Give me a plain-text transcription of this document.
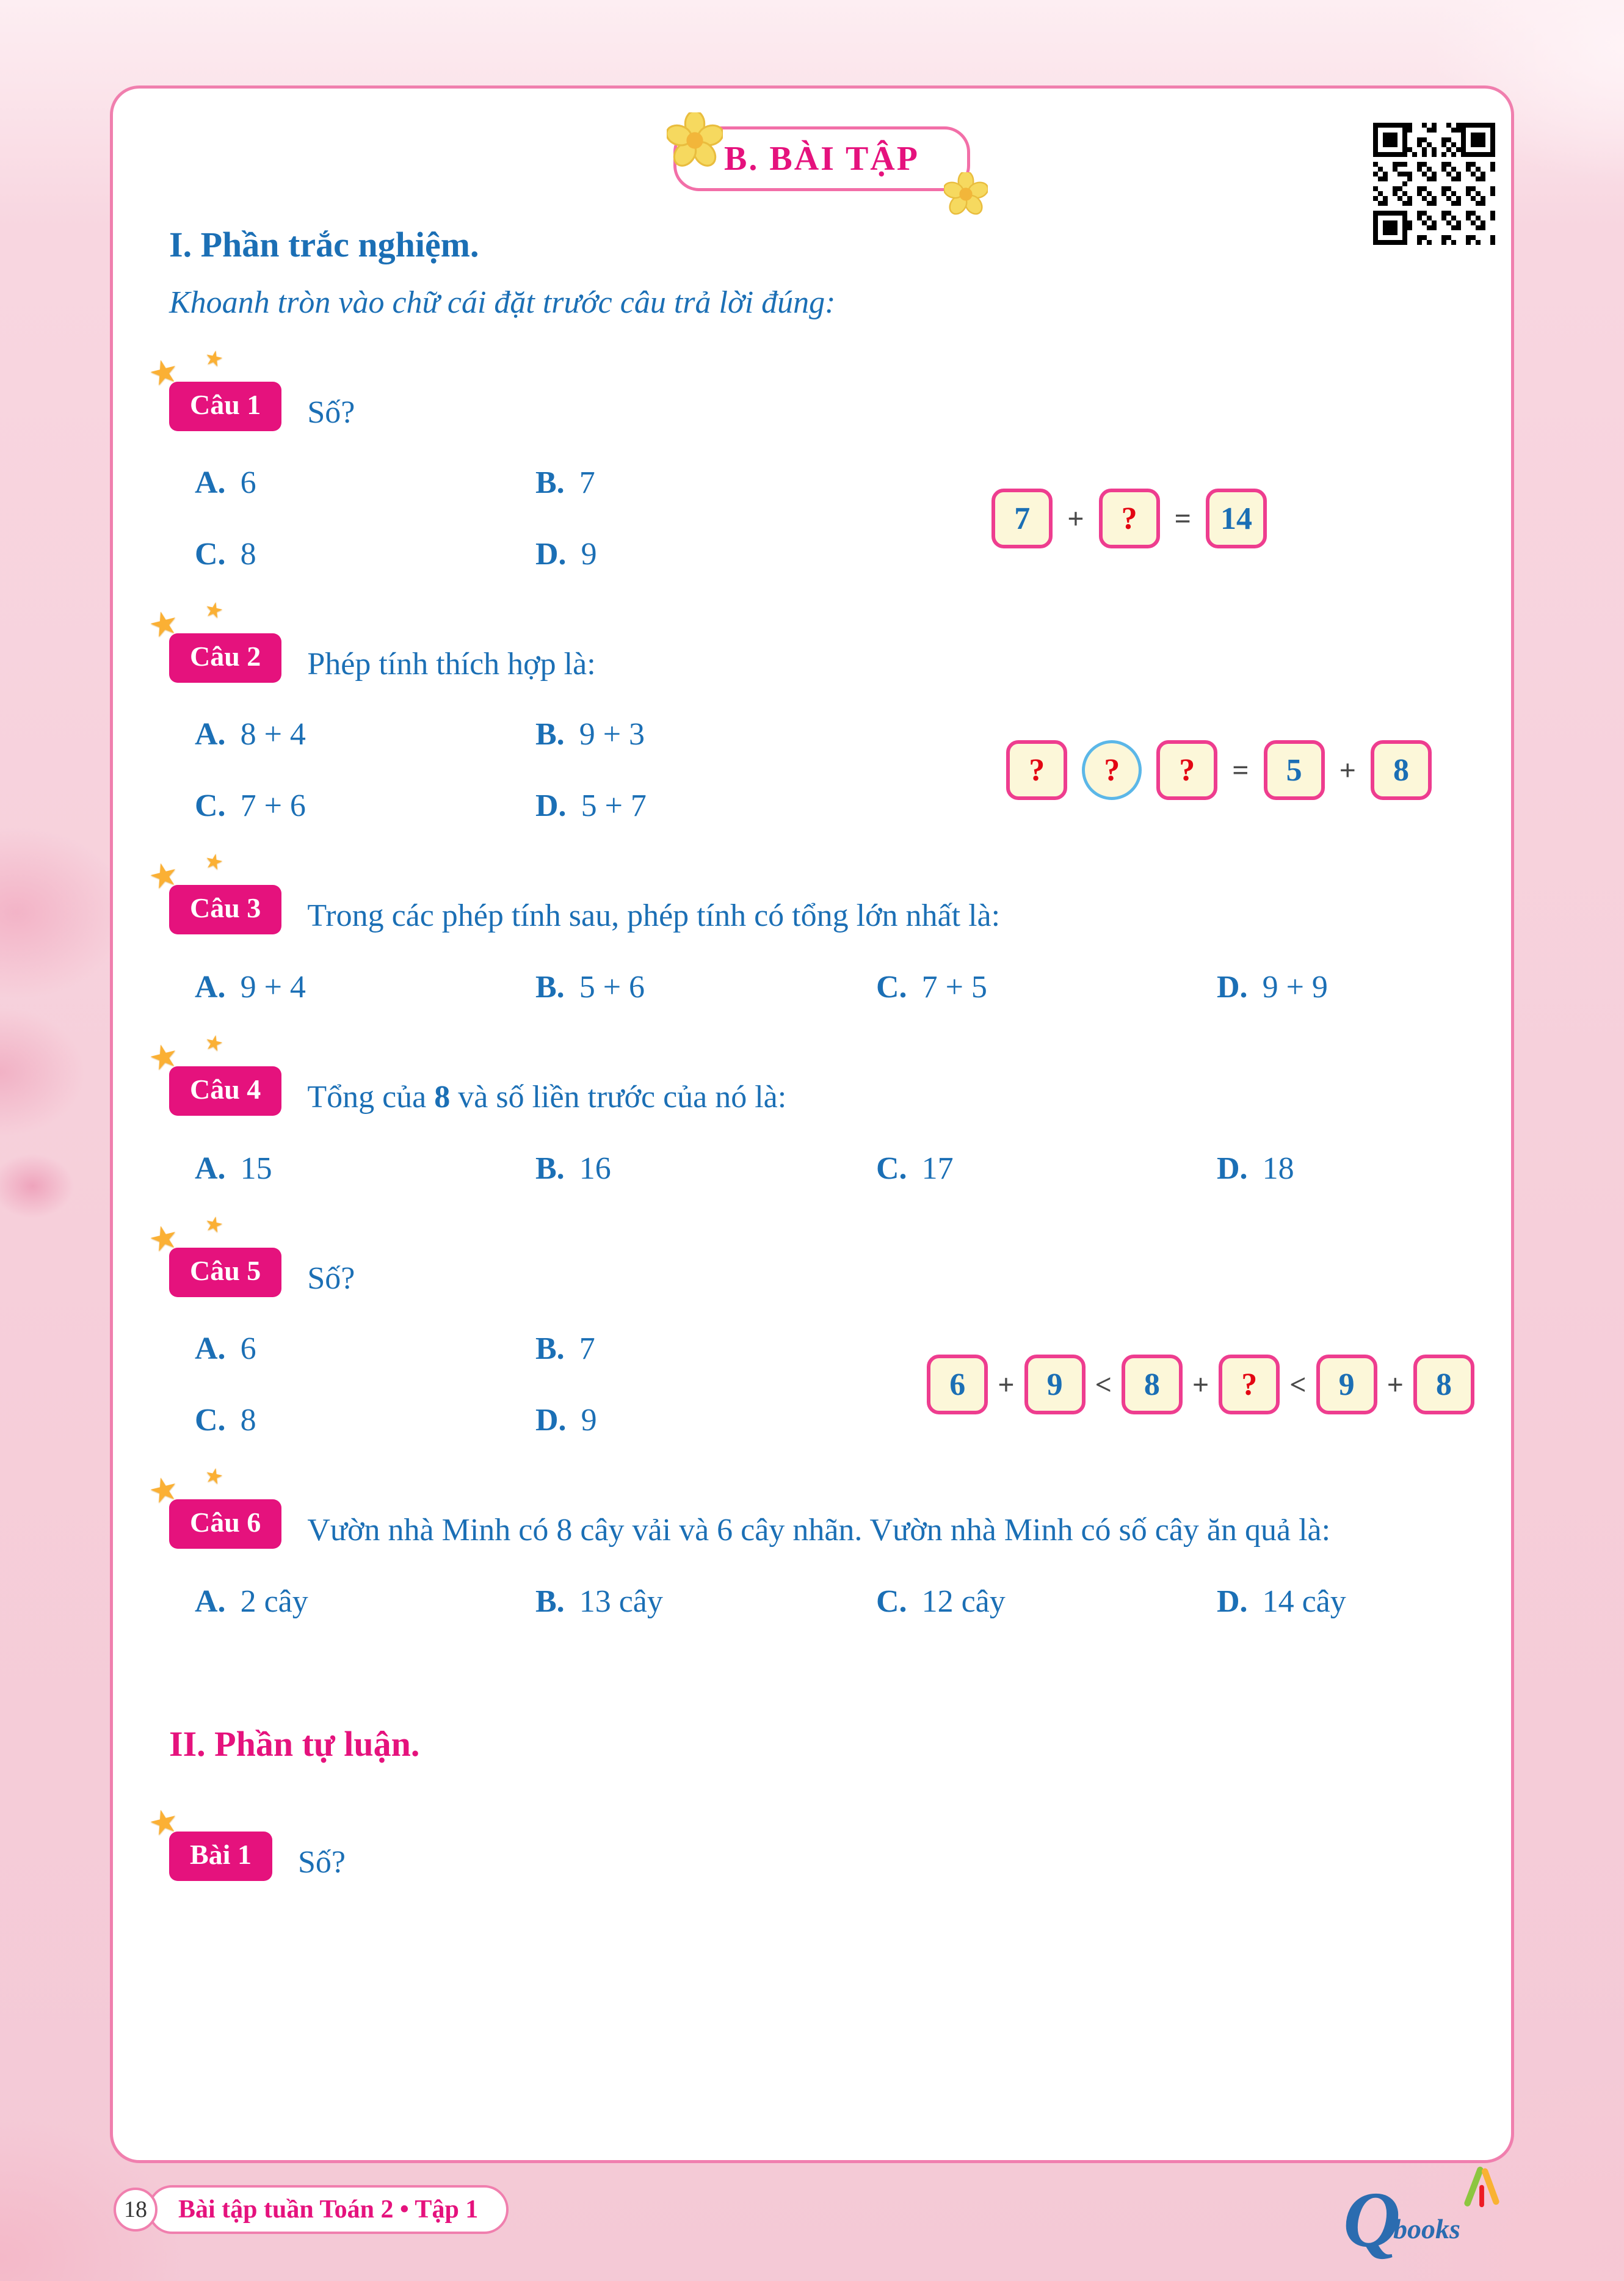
B. BÀI TẬP
I. Phần trắc nghiệm.

Khoanh tròn vào chữ cái đặt trước câu trả lời đúng:

★ ★
Câu 1	Số?
A. 6	B. 7
C. 8	D. 9
7	+	?	= 14
★ ★
Câu 2	Phép tính thích hợp là:
A. 8 + 4	B. 9 + 3
C. 7 + 6	D. 5 + 7
?	?	?	=	5	+	8
★ ★
Câu 3	Trong các phép tính sau, phép tính có tổng lớn nhất là:
A. 9 + 4	B. 5 + 6	C. 7 + 5	D. 9 + 9
★ ★
Câu 4	Tổng của 8 và số liền trước của nó là:
A. 15	B. 16	C. 17	D. 18
★ ★
Câu 5	Số?
A. 6	B. 7
C. 8	D. 9
6	+	9	<	8	+	?	<	9	+	8
★ ★
Câu 6	Vườn nhà Minh có 8 cây vải và 6 cây nhãn. Vườn nhà Minh có số cây ăn quả là:
A. 2 cây	B. 13 cây	C. 12 cây	D. 14 cây
II. Phần tự luận.
★
Bài 1	Số?
18	Bài tập tuần Toán 2 • Tập 1	Q
books
